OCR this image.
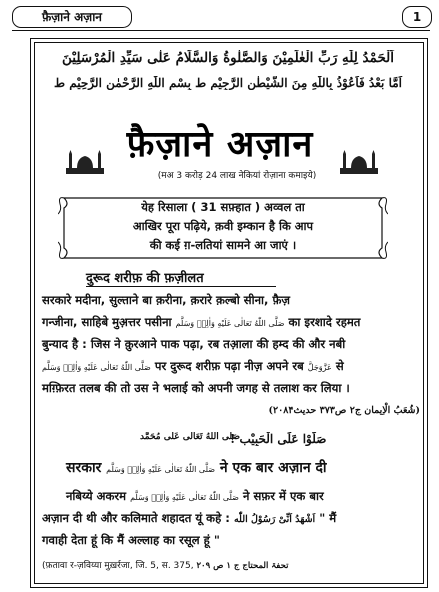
फ़ैज़ाने अज़ान	1
اَلْحَمْدُ لِلّٰهِ رَبِّ الْعٰلَمِيْنَ وَالصَّلٰوةُ وَالسَّلَامُ عَلٰى سَيِّدِ الْمُرْسَلِيْنَ
اَمَّا بَعْدُ فَاَعُوْذُ بِاللّٰهِ مِنَ الشَّيْطٰنِ الرَّجِيْمِ ط بِسْمِ اللّٰهِ الرَّحْمٰنِ الرَّحِيْمِ ط
फ़ैज़ाने अज़ान
(मअ 3 करोड़ 24 लाख नेकियां रोज़ाना कमाइये)
येह रिसाला ( 31 सफ़्हात ) अव्वल ता
आखिर पूरा पढ़िये, क़वी इम्कान है कि आप
की कई ग़-लतियां सामने आ जाएं ।
दुरूद शरीफ़ की फ़ज़ीलत
सरकारे मदीना, सुल्ताने बा क़रीना, क़रारे क़ल्बो सीना, फ़ैज़
गन्जीना, साहिबे मुअ़त्तर पसीना صَلَّى اللّٰهُ تَعَالٰى عَلَيْهِ وَاٰلِهٖ وَسَلَّم का इरशादे रहमत
बुन्याद है : जिस ने क़ुरआने पाक पढ़ा, रब तआ़ला की हम्द की और नबी
صَلَّى اللّٰهُ تَعَالٰى عَلَيْهِ وَاٰلِهٖ وَسَلَّم पर दुरूद शरीफ़ पढ़ा नीज़ अपने रब عَزَّوَجَلَّ से
मग़्फ़िरत तलब की तो उस ने भलाई को अपनी जगह से तलाश कर लिया ।
(شُعَبُ الْاِیمان ج۲ ص۳۷۳ حدیث۲۰۸۴)
صَلُّوْا عَلَى الْحَبِيْب !
صَلَّى اللّٰهُ تَعَالٰى عَلٰى مُحَمَّد
सरकार صَلَّى اللّٰهُ تَعَالٰى عَلَيْهِ وَاٰلِهٖ وَسَلَّم ने एक बार अज़ान दी
नबिय्ये अकरम صَلَّى اللّٰهُ تَعَالٰى عَلَيْهِ وَاٰلِهٖ وَسَلَّم ने सफ़र में एक बार
अज़ान दी थी और कलिमाते शहादत यूं कहे : اَشْهَدُ اَنِّىْ رَسُوْلُ اللّٰه " मैं
गवाही देता हूं कि मैं अल्लाह का रसूल हूं "
(फ़तावा र-ज़विय्या मुख़र्रजा, जि. 5, स. 375, تحفۃ المحتاج ج ۱ ص ۲۰۹
